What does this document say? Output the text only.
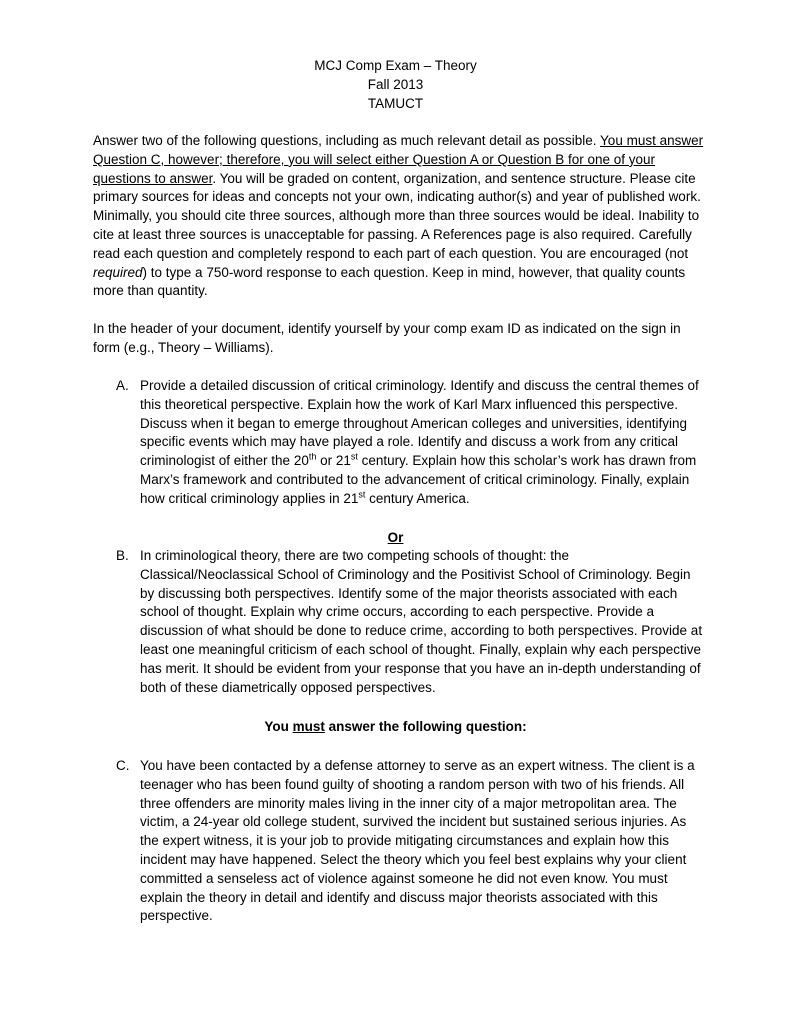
MCJ Comp Exam – Theory
Fall 2013
TAMUCT
Answer two of the following questions, including as much relevant detail as possible. You must answer Question C, however; therefore, you will select either Question A or Question B for one of your questions to answer. You will be graded on content, organization, and sentence structure. Please cite primary sources for ideas and concepts not your own, indicating author(s) and year of published work. Minimally, you should cite three sources, although more than three sources would be ideal. Inability to cite at least three sources is unacceptable for passing. A References page is also required. Carefully read each question and completely respond to each part of each question. You are encouraged (not required) to type a 750-word response to each question. Keep in mind, however, that quality counts more than quantity.
In the header of your document, identify yourself by your comp exam ID as indicated on the sign in form (e.g., Theory – Williams).
A. Provide a detailed discussion of critical criminology. Identify and discuss the central themes of this theoretical perspective. Explain how the work of Karl Marx influenced this perspective. Discuss when it began to emerge throughout American colleges and universities, identifying specific events which may have played a role. Identify and discuss a work from any critical criminologist of either the 20th or 21st century. Explain how this scholar’s work has drawn from Marx’s framework and contributed to the advancement of critical criminology. Finally, explain how critical criminology applies in 21st century America.
Or
B. In criminological theory, there are two competing schools of thought: the Classical/Neoclassical School of Criminology and the Positivist School of Criminology. Begin by discussing both perspectives. Identify some of the major theorists associated with each school of thought. Explain why crime occurs, according to each perspective. Provide a discussion of what should be done to reduce crime, according to both perspectives. Provide at least one meaningful criticism of each school of thought. Finally, explain why each perspective has merit. It should be evident from your response that you have an in-depth understanding of both of these diametrically opposed perspectives.
You must answer the following question:
C. You have been contacted by a defense attorney to serve as an expert witness. The client is a teenager who has been found guilty of shooting a random person with two of his friends. All three offenders are minority males living in the inner city of a major metropolitan area. The victim, a 24-year old college student, survived the incident but sustained serious injuries. As the expert witness, it is your job to provide mitigating circumstances and explain how this incident may have happened. Select the theory which you feel best explains why your client committed a senseless act of violence against someone he did not even know. You must explain the theory in detail and identify and discuss major theorists associated with this perspective.
